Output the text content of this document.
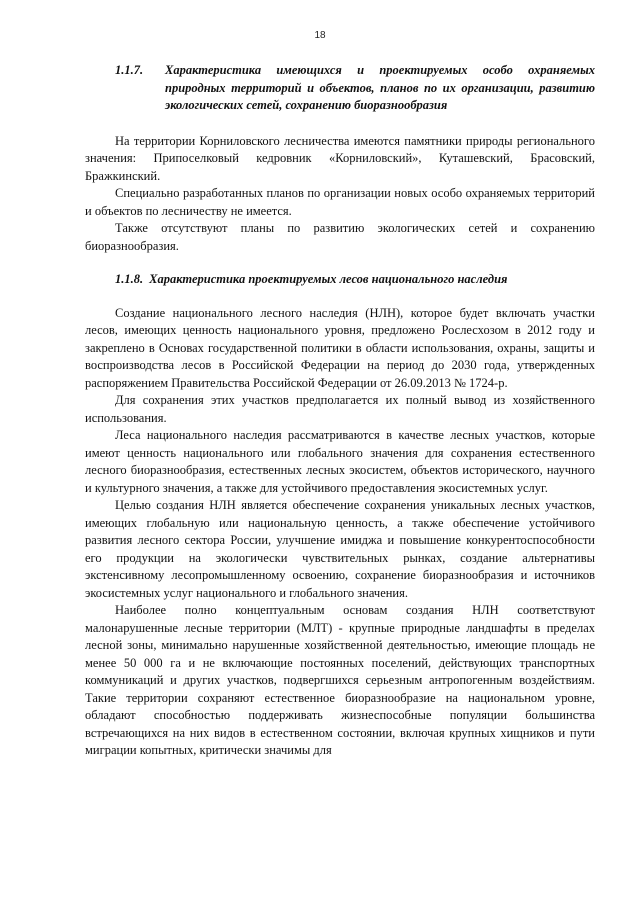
18
1.1.7.	Характеристика имеющихся и проектируемых особо охраняемых природных территорий и объектов, планов по их организации, развитию экологических сетей, сохранению биоразнообразия

На территории Корниловского лесничества имеются памятники природы регионального значения: Припоселковый кедровник «Корниловский», Куташевский, Брасовский, Бражкинский.

Специально разработанных планов по организации новых особо охраняемых территорий и объектов по лесничеству не имеется.

Также отсутствуют планы по развитию экологических сетей и сохранению биоразнообразия.

1.1.8. Характеристика проектируемых лесов национального наследия

Создание национального лесного наследия (НЛН), которое будет включать участки лесов, имеющих ценность национального уровня, предложено Рослесхозом в 2012 году и закреплено в Основах государственной политики в области использования, охраны, защиты и воспроизводства лесов в Российской Федерации на период до 2030 года, утвержденных распоряжением Правительства Российской Федерации от 26.09.2013 № 1724-р.

Для сохранения этих участков предполагается их полный вывод из хозяйственного использования.

Леса национального наследия рассматриваются в качестве лесных участков, которые имеют ценность национального или глобального значения для сохранения естественного лесного биоразнообразия, естественных лесных экосистем, объектов исторического, научного и культурного значения, а также для устойчивого предоставления экосистемных услуг.

Целью создания НЛН является обеспечение сохранения уникальных лесных участков, имеющих глобальную или национальную ценность, а также обеспечение устойчивого развития лесного сектора России, улучшение имиджа и повышение конкурентоспособности его продукции на экологически чувствительных рынках, создание альтернативы экстенсивному лесопромышленному освоению, сохранение биоразнообразия и источников экосистемных услуг национального и глобального значения.

Наиболее полно концептуальным основам создания НЛН соответствуют малонарушенные лесные территории (МЛТ) - крупные природные ландшафты в пределах лесной зоны, минимально нарушенные хозяйственной деятельностью, имеющие площадь не менее 50 000 га и не включающие постоянных поселений, действующих транспортных коммуникаций и других участков, подвергшихся серьезным антропогенным воздействиям. Такие территории сохраняют естественное биоразнообразие на национальном уровне, обладают способностью поддерживать жизнеспособные популяции большинства встречающихся на них видов в естественном состоянии, включая крупных хищников и пути миграции копытных, критически значимы для
